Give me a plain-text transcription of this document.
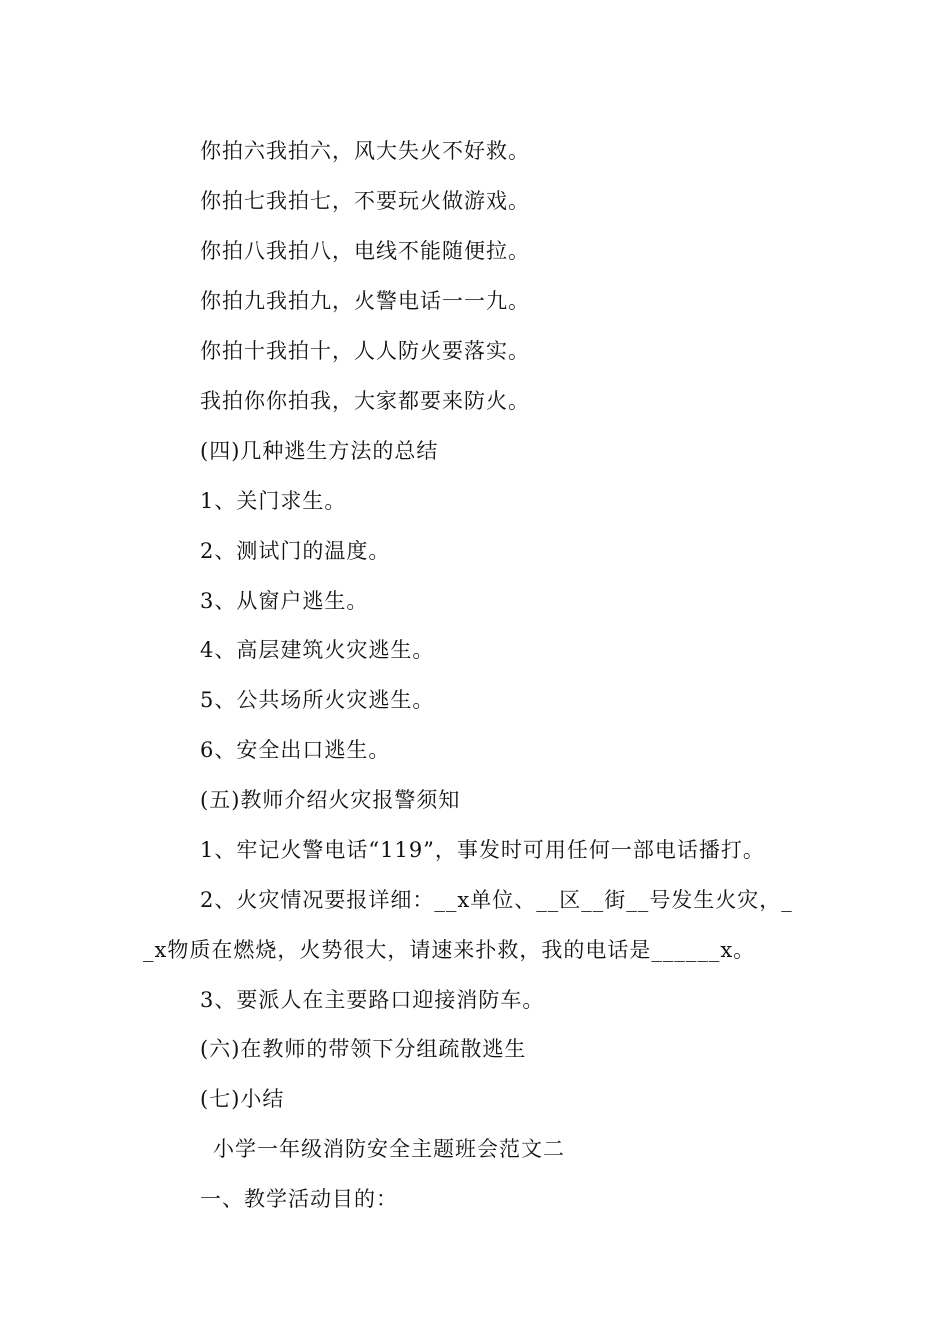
你拍六我拍六，风大失火不好救。
你拍七我拍七，不要玩火做游戏。
你拍八我拍八，电线不能随便拉。
你拍九我拍九，火警电话一一九。
你拍十我拍十，人人防火要落实。
我拍你你拍我，大家都要来防火。
(四)几种逃生方法的总结
1、关门求生。
2、测试门的温度。
3、从窗户逃生。
4、高层建筑火灾逃生。
5、公共场所火灾逃生。
6、安全出口逃生。
(五)教师介绍火灾报警须知
1、牢记火警电话“119”，事发时可用任何一部电话播打。
2、火灾情况要报详细：__x单位、__区__街__号发生火灾，_
_x物质在燃烧，火势很大，请速来扑救，我的电话是______x。
3、要派人在主要路口迎接消防车。
(六)在教师的带领下分组疏散逃生
(七)小结
小学一年级消防安全主题班会范文二
一、教学活动目的：
